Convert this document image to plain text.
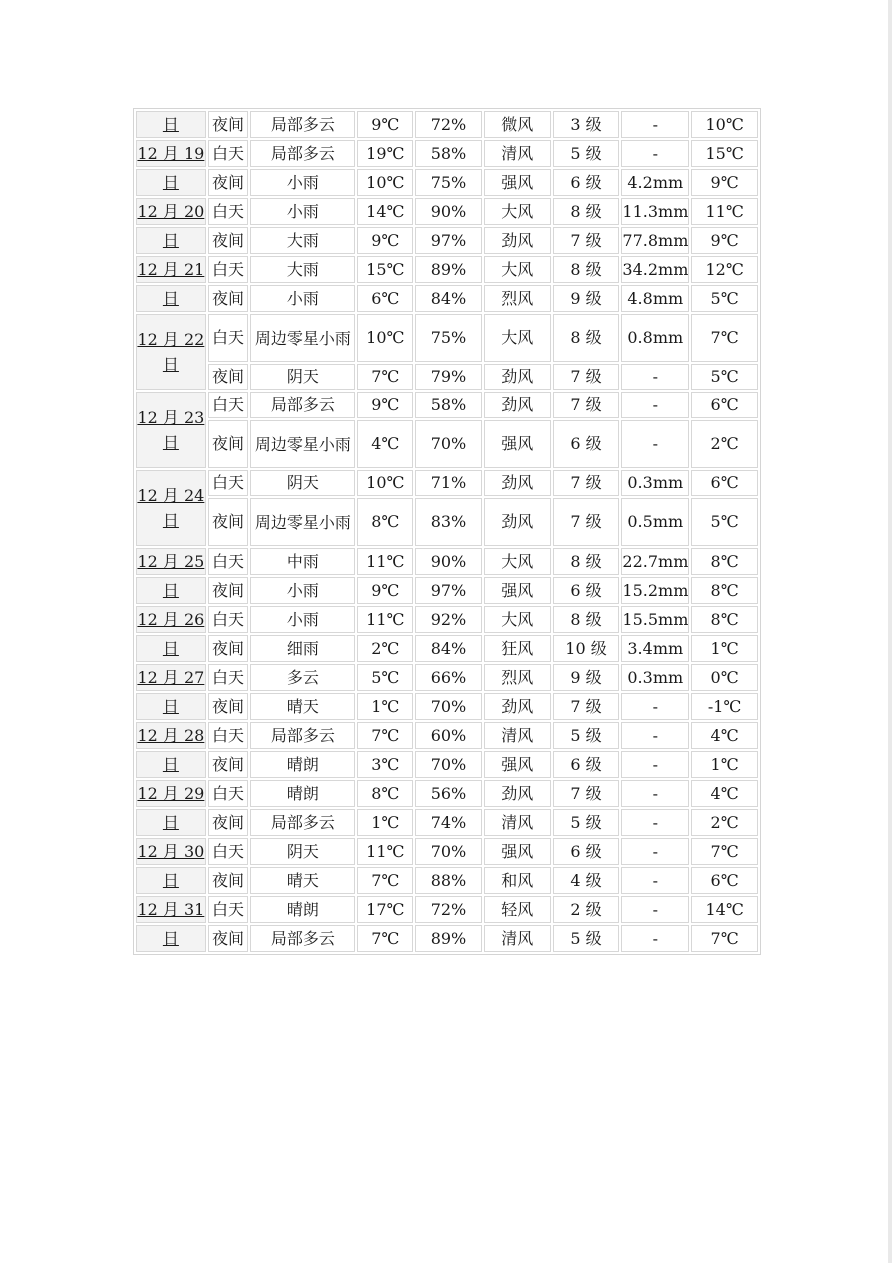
日	夜间	局部多云	9℃	72%	微风	3 级	-	10℃
12 月 19	白天	局部多云	19℃	58%	清风	5 级	-	15℃
日	夜间	小雨	10℃	75%	强风	6 级	4.2mm	9℃
12 月 20	白天	小雨	14℃	90%	大风	8 级	11.3mm	11℃
日	夜间	大雨	9℃	97%	劲风	7 级	77.8mm	9℃
12 月 21	白天	大雨	15℃	89%	大风	8 级	34.2mm	12℃
日	夜间	小雨	6℃	84%	烈风	9 级	4.8mm	5℃
12 月 22 日	白天	周边零星小雨	10℃	75%	大风	8 级	0.8mm	7℃
	夜间	阴天	7℃	79%	劲风	7 级	-	5℃
12 月 23 日	白天	局部多云	9℃	58%	劲风	7 级	-	6℃
	夜间	周边零星小雨	4℃	70%	强风	6 级	-	2℃
12 月 24 日	白天	阴天	10℃	71%	劲风	7 级	0.3mm	6℃
	夜间	周边零星小雨	8℃	83%	劲风	7 级	0.5mm	5℃
12 月 25	白天	中雨	11℃	90%	大风	8 级	22.7mm	8℃
日	夜间	小雨	9℃	97%	强风	6 级	15.2mm	8℃
12 月 26	白天	小雨	11℃	92%	大风	8 级	15.5mm	8℃
日	夜间	细雨	2℃	84%	狂风	10 级	3.4mm	1℃
12 月 27	白天	多云	5℃	66%	烈风	9 级	0.3mm	0℃
日	夜间	晴天	1℃	70%	劲风	7 级	-	-1℃
12 月 28	白天	局部多云	7℃	60%	清风	5 级	-	4℃
日	夜间	晴朗	3℃	70%	强风	6 级	-	1℃
12 月 29	白天	晴朗	8℃	56%	劲风	7 级	-	4℃
日	夜间	局部多云	1℃	74%	清风	5 级	-	2℃
12 月 30	白天	阴天	11℃	70%	强风	6 级	-	7℃
日	夜间	晴天	7℃	88%	和风	4 级	-	6℃
12 月 31	白天	晴朗	17℃	72%	轻风	2 级	-	14℃
日	夜间	局部多云	7℃	89%	清风	5 级	-	7℃
